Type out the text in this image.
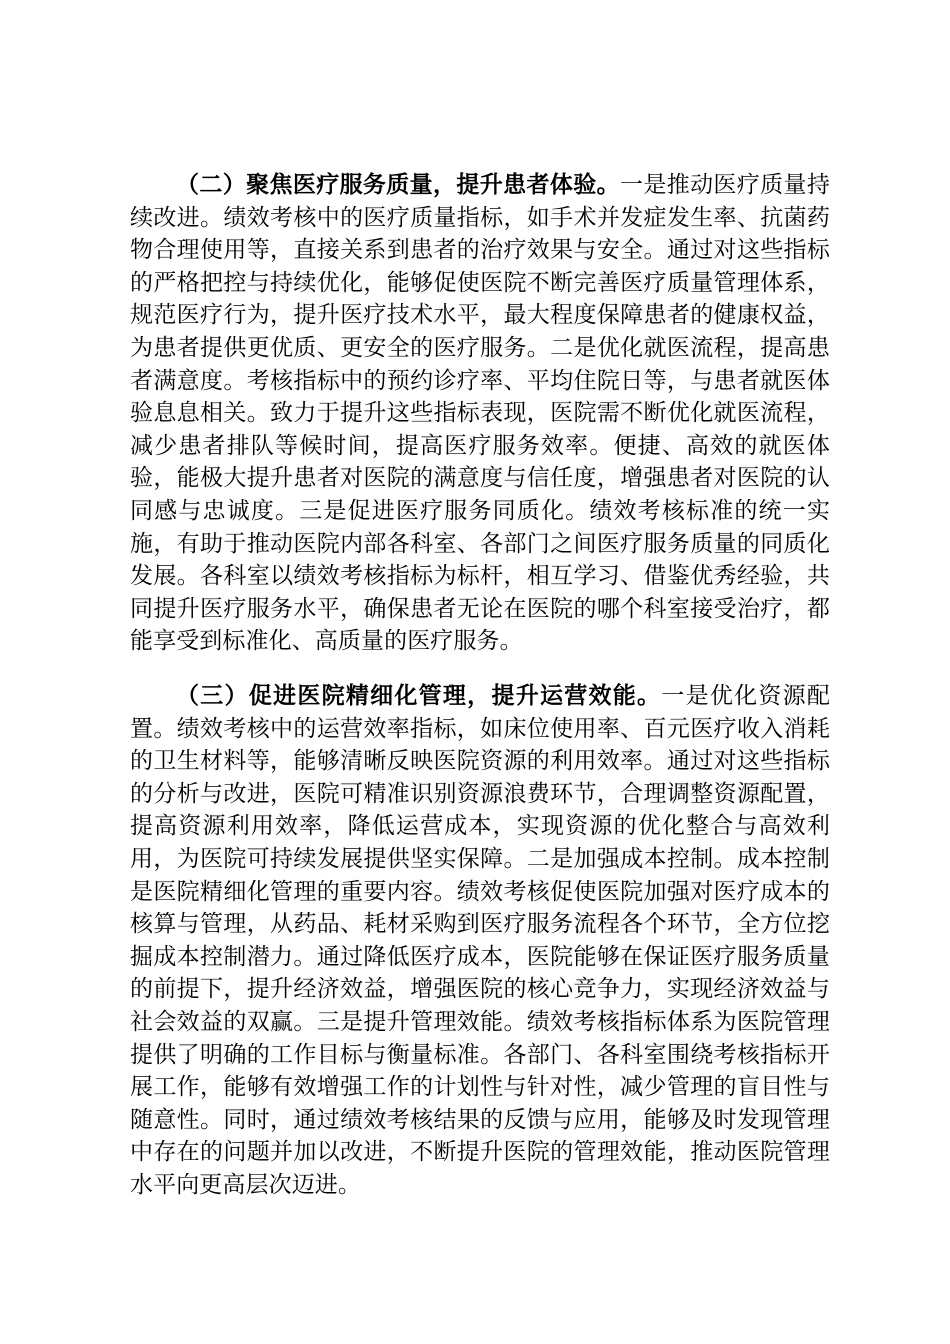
（二）聚焦医疗服务质量，提升患者体验。一是推动医疗质量持续改进。绩效考核中的医疗质量指标，如手术并发症发生率、抗菌药物合理使用等，直接关系到患者的治疗效果与安全。通过对这些指标的严格把控与持续优化，能够促使医院不断完善医疗质量管理体系，规范医疗行为，提升医疗技术水平，最大程度保障患者的健康权益，为患者提供更优质、更安全的医疗服务。二是优化就医流程，提高患者满意度。考核指标中的预约诊疗率、平均住院日等，与患者就医体验息息相关。致力于提升这些指标表现，医院需不断优化就医流程，减少患者排队等候时间，提高医疗服务效率。便捷、高效的就医体验，能极大提升患者对医院的满意度与信任度，增强患者对医院的认同感与忠诚度。三是促进医疗服务同质化。绩效考核标准的统一实施，有助于推动医院内部各科室、各部门之间医疗服务质量的同质化发展。各科室以绩效考核指标为标杆，相互学习、借鉴优秀经验，共同提升医疗服务水平，确保患者无论在医院的哪个科室接受治疗，都能享受到标准化、高质量的医疗服务。

（三）促进医院精细化管理，提升运营效能。一是优化资源配置。绩效考核中的运营效率指标，如床位使用率、百元医疗收入消耗的卫生材料等，能够清晰反映医院资源的利用效率。通过对这些指标的分析与改进，医院可精准识别资源浪费环节，合理调整资源配置，提高资源利用效率，降低运营成本，实现资源的优化整合与高效利用，为医院可持续发展提供坚实保障。二是加强成本控制。成本控制是医院精细化管理的重要内容。绩效考核促使医院加强对医疗成本的核算与管理，从药品、耗材采购到医疗服务流程各个环节，全方位挖掘成本控制潜力。通过降低医疗成本，医院能够在保证医疗服务质量的前提下，提升经济效益，增强医院的核心竞争力，实现经济效益与社会效益的双赢。三是提升管理效能。绩效考核指标体系为医院管理提供了明确的工作目标与衡量标准。各部门、各科室围绕考核指标开展工作，能够有效增强工作的计划性与针对性，减少管理的盲目性与随意性。同时，通过绩效考核结果的反馈与应用，能够及时发现管理中存在的问题并加以改进，不断提升医院的管理效能，推动医院管理水平向更高层次迈进。
